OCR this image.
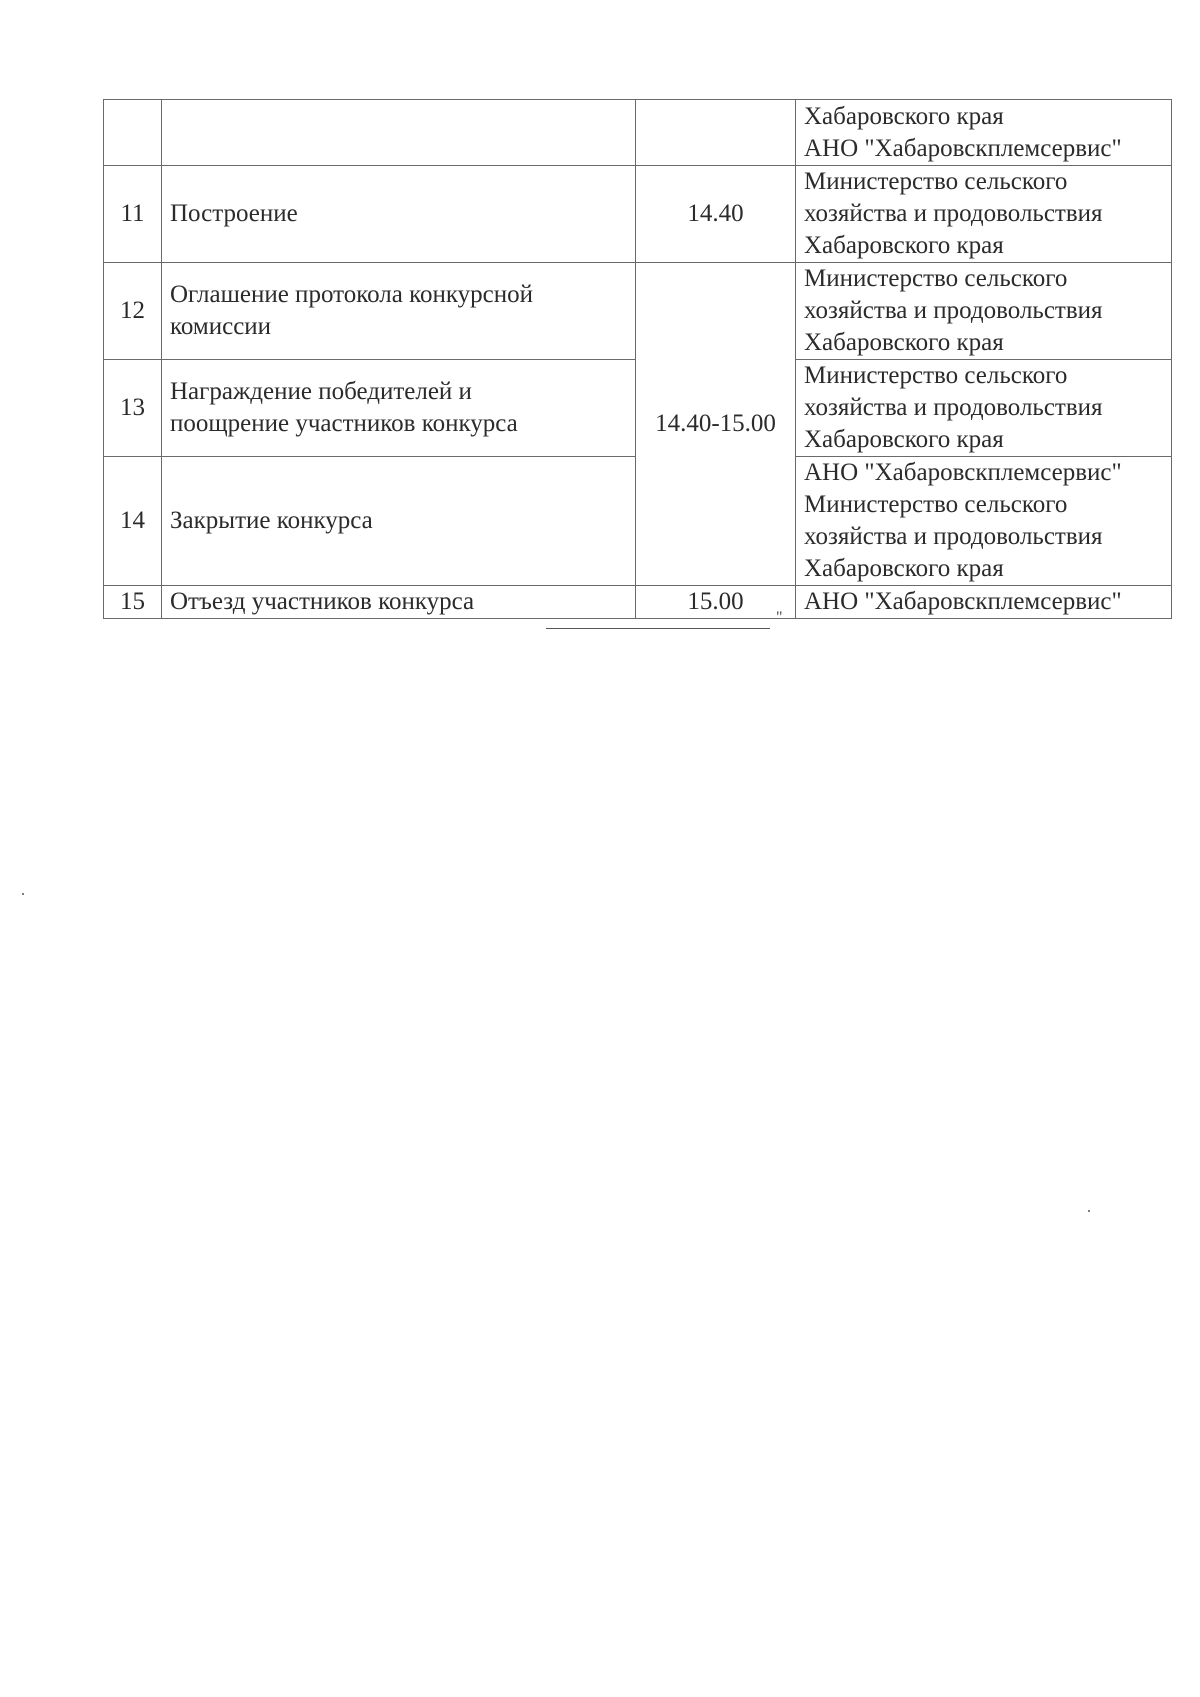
			Хабаровского края
АНО "Хабаровскплемсервис"

11	Построение	14.40	Министерство сельского
хозяйства и продовольствия
Хабаровского края

12	Оглашение протокола конкурсной
комиссии	14.40-15.00	Министерство сельского
хозяйства и продовольствия
Хабаровского края

13	Награждение победителей и
поощрение участников конкурса		Министерство сельского
хозяйства и продовольствия
Хабаровского края

14	Закрытие конкурса		АНО "Хабаровскплемсервис"
Министерство сельского
хозяйства и продовольствия
Хабаровского края

15	Отъезд участников конкурса	15.00	АНО "Хабаровскплемсервис"
"
